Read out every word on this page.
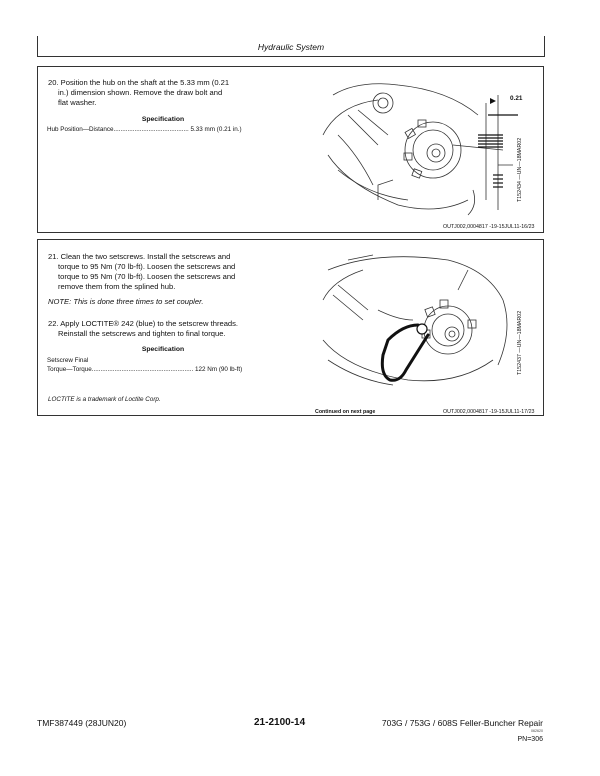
Hydraulic System
20. Position the hub on the shaft at the 5.33 mm (0.21
in.) dimension shown. Remove the draw bolt and
flat washer.
Specification
Hub Position—Distance........................................... 5.33 mm (0.21 in.)
0.21
T152434 —UN—18MAR02
OUTJ002,0004817 -19-15JUL11-16/23
21. Clean the two setscrews. Install the setscrews and
torque to 95 Nm (70 lb-ft). Loosen the setscrews and
torque to 95 Nm (70 lb-ft). Loosen the setscrews and
remove them from the splined hub.
NOTE: This is done three times to set coupler.
22. Apply LOCTITE® 242 (blue) to the setscrew threads.
Reinstall the setscrews and tighten to final torque.
Specification
Setscrew Final
Torque—Torque.......................................................... 122 Nm (90 lb-ft)
LOCTITE is a trademark of Loctite Corp.
T152437 —UN—18MAR02
Continued on next page	OUTJ002,0004817 -19-15JUL11-17/23
TMF387449 (28JUN20)	21-2100-14	703G / 753G / 608S Feller-Buncher Repair
062620
PN=306
